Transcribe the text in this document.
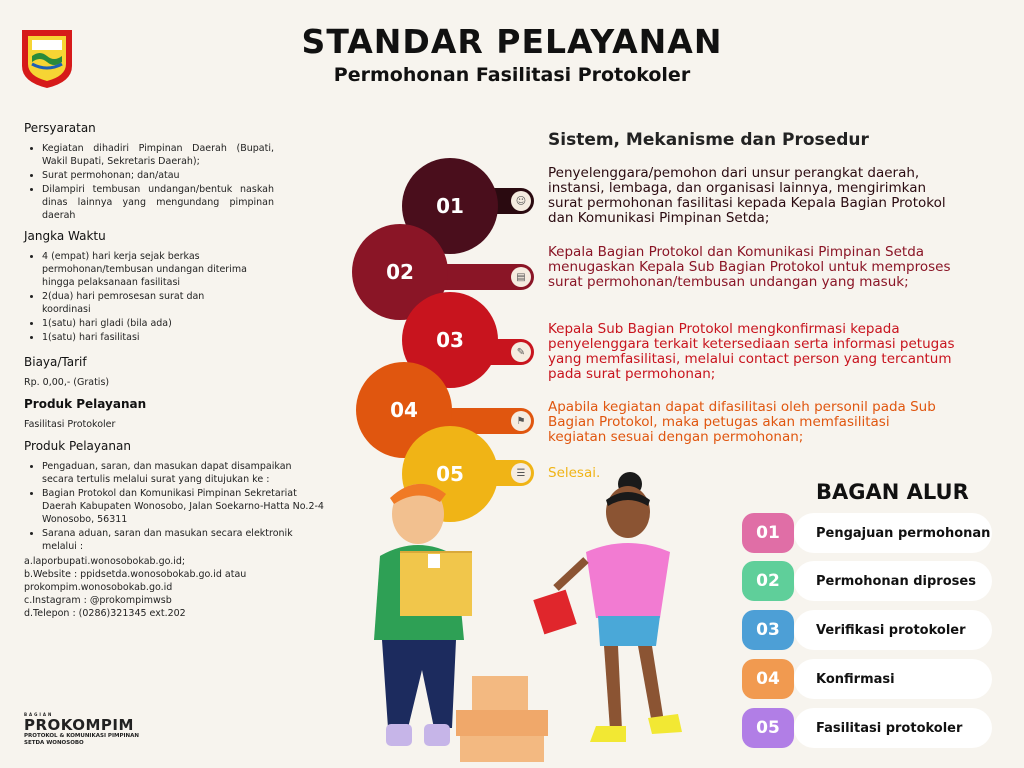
STANDAR PELAYANAN
Permohonan Fasilitasi Protokoler
Persyaratan
• Kegiatan dihadiri Pimpinan Daerah (Bupati, Wakil Bupati, Sekretaris Daerah);
• Surat permohonan; dan/atau
• Dilampiri tembusan undangan/bentuk naskah dinas lainnya yang mengundang pimpinan daerah
Jangka Waktu
• 4 (empat) hari kerja sejak berkas permohonan/tembusan undangan diterima hingga pelaksanaan fasilitasi
• 2(dua) hari pemrosesan surat dan koordinasi
• 1(satu) hari gladi (bila ada)
• 1(satu) hari fasilitasi
Biaya/Tarif

Rp. 0,00,- (Gratis)

Produk Pelayanan

Fasilitasi Protokoler

Produk Pelayanan
• Pengaduan, saran, dan masukan dapat disampaikan secara tertulis melalui surat yang ditujukan ke :
• Bagian Protokol dan Komunikasi Pimpinan Sekretariat Daerah Kabupaten Wonosobo, Jalan Soekarno-Hatta No.2-4 Wonosobo, 56311
• Sarana aduan, saran dan masukan secara elektronik melalui :
a.laporbupati.wonosobokab.go.id;
b.Website : ppidsetda.wonosobokab.go.id atau
prokompim.wonosobokab.go.id
c.Instagram : @prokompimwsb
d.Telepon : (0286)321345 ext.202
BAGIAN
PROKOMPIM
PROTOKOL & KOMUNIKASI PIMPINAN
SETDA WONOSOBO
Sistem, Mekanisme dan Prosedur
☺
▤
✎
⚑
☰
01
02
03
04
05
Penyelenggara/pemohon dari unsur perangkat daerah, instansi, lembaga, dan organisasi lainnya, mengirimkan surat permohonan fasilitasi kepada Kepala Bagian Protokol dan Komunikasi Pimpinan Setda;
Kepala Bagian Protokol dan Komunikasi Pimpinan Setda menugaskan Kepala Sub Bagian Protokol untuk memproses surat permohonan/tembusan undangan yang masuk;
Kepala Sub Bagian Protokol mengkonfirmasi kepada penyelenggara terkait ketersediaan serta informasi petugas yang memfasilitasi, melalui contact person yang tercantum pada surat permohonan;
Apabila kegiatan dapat difasilitasi oleh personil pada Sub Bagian Protokol, maka petugas akan memfasilitasi kegiatan sesuai dengan permohonan;
Selesai.
BAGAN ALUR
01	Pengajuan permohonan
02	Permohonan diproses
03	Verifikasi protokoler
04	Konfirmasi
05	Fasilitasi protokoler
